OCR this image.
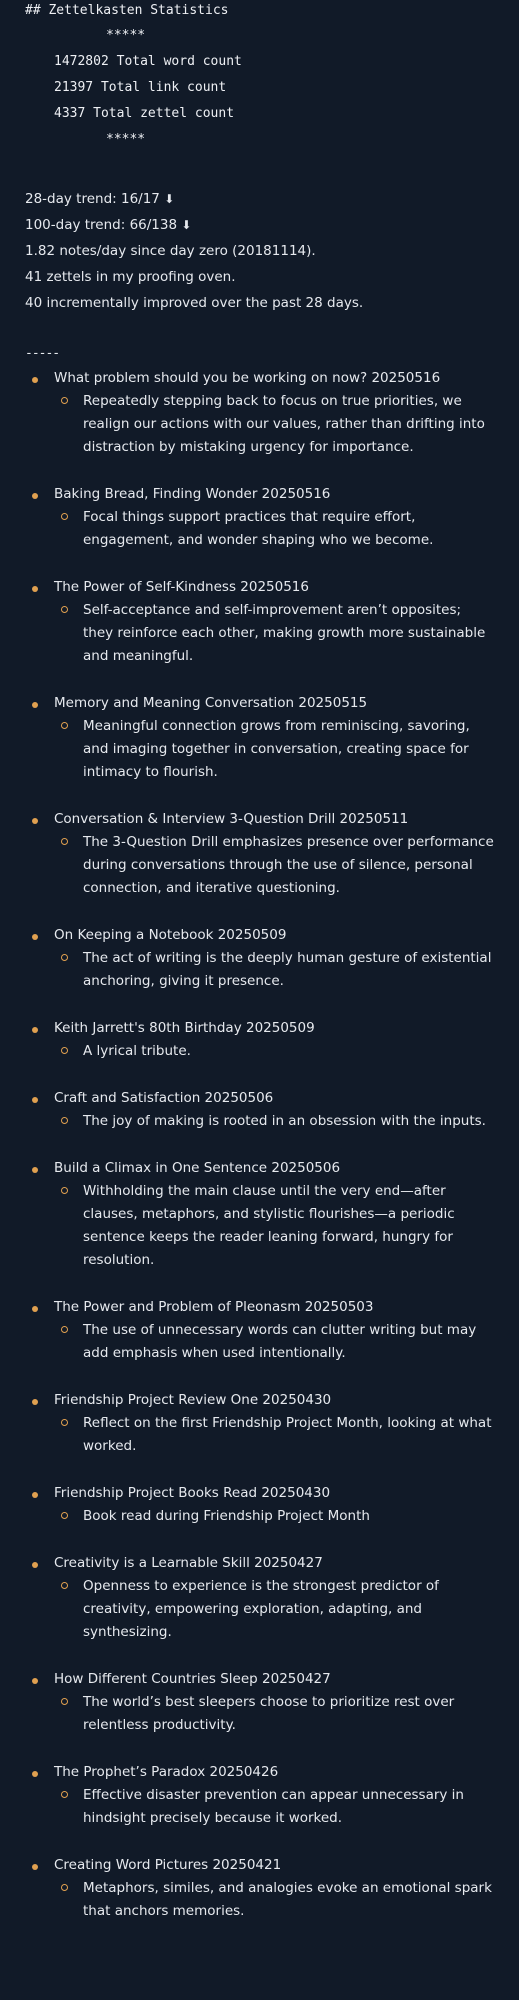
## Zettelkasten Statistics
*****
1472802 Total word count
21397 Total link count
4337 Total zettel count
*****

28-day trend: 16/17 ⬇

100-day trend: 66/138 ⬇

1.82 notes/day since day zero (20181114).

41 zettels in my proofing oven.

40 incrementally improved over the past 28 days.

-----
What problem should you be working on now? 20250516
Repeatedly stepping back to focus on true priorities, we realign our actions with our values, rather than drifting into distraction by mistaking urgency for importance.
Baking Bread, Finding Wonder 20250516
Focal things support practices that require effort, engagement, and wonder shaping who we become.
The Power of Self-Kindness 20250516
Self-acceptance and self-improvement aren’t opposites; they reinforce each other, making growth more sustainable and meaningful.
Memory and Meaning Conversation 20250515
Meaningful connection grows from reminiscing, savoring, and imaging together in conversation, creating space for intimacy to flourish.
Conversation & Interview 3-Question Drill 20250511
The 3-Question Drill emphasizes presence over performance during conversations through the use of silence, personal connection, and iterative questioning.
On Keeping a Notebook 20250509
The act of writing is the deeply human gesture of existential anchoring, giving it presence.
Keith Jarrett's 80th Birthday 20250509
A lyrical tribute.
Craft and Satisfaction 20250506
The joy of making is rooted in an obsession with the inputs.
Build a Climax in One Sentence 20250506
Withholding the main clause until the very end—after clauses, metaphors, and stylistic flourishes—a periodic sentence keeps the reader leaning forward, hungry for resolution.
The Power and Problem of Pleonasm 20250503
The use of unnecessary words can clutter writing but may add emphasis when used intentionally.
Friendship Project Review One 20250430
Reflect on the first Friendship Project Month, looking at what worked.
Friendship Project Books Read 20250430
Book read during Friendship Project Month
Creativity is a Learnable Skill 20250427
Openness to experience is the strongest predictor of creativity, empowering exploration, adapting, and synthesizing.
How Different Countries Sleep 20250427
The world’s best sleepers choose to prioritize rest over relentless productivity.
The Prophet’s Paradox 20250426
Effective disaster prevention can appear unnecessary in hindsight precisely because it worked.
Creating Word Pictures 20250421
Metaphors, similes, and analogies evoke an emotional spark that anchors memories.
